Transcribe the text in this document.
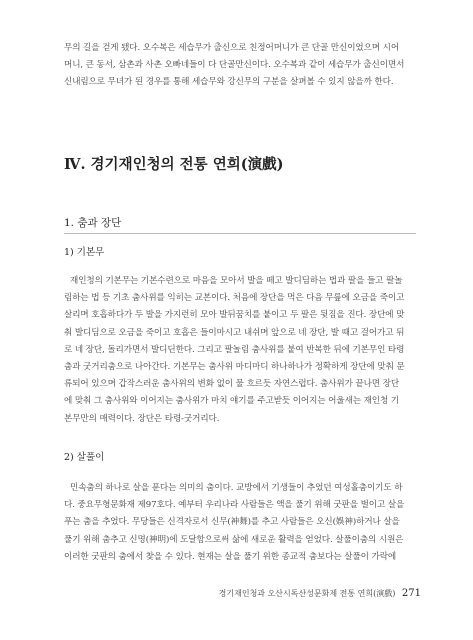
무의 길을 걷게 됐다. 오수복은 세습무가 출신으로 친정어머니가 큰 단골 만신이었으며 시어
머니, 큰 동서, 삼촌과 사촌 오빠네들이 다 단골만신이다. 오수복과 같이 세습무가 출신이면서
신내림으로 무녀가 된 경우를 통해 세습무와 강신무의 구분을 살펴볼 수 있지 않을까 한다.
Ⅳ. 경기재인청의 전통 연희(演戲)
1. 춤과 장단
1) 기본무
재인청의 기본무는 기본수련으로 마음을 모아서 발을 떼고 발디딤하는 법과 팔을 들고 팔놀
림하는 법 등 기초 춤사위를 익히는 교본이다. 처음에 장단을 먹은 다음 무릎에 오금을 죽이고
살리며 호흡하다가 두 발을 가지런히 모아 발뒤꿈치를 붙이고 두 팔은 뒷짐을 진다. 장단에 맞
춰 발디딤으로 오금을 죽이고 호흡은 들이마시고 내쉬며 앞으로 네 장단, 발 때고 걸어가고 뒤
로 네 장단, 돌리가면서 발디딘한다. 그리고 팔놀림 춤사위를 붙여 반복한 뒤에 기본무인 타령
춤과 굿거리춤으로 나아간다. 기본무는 춤사위 마디마디 하나하나가 정확하게 장단에 맞춰 문
류되어 있으며 갑작스러운 춤사위의 변화 없이 물 흐르듯 자연스럽다. 춤사위가 끝나면 장단
에 맞춰 그 춤사위와 이어지는 춤사위가 마치 얘기를 주고받듯 이어지는 어울새는 재인청 기
본무만의 매력이다. 장단은 타령-굿거리다.
2) 살풀이
민속춤의 하나로 살을 푼다는 의미의 춤이다. 교방에서 기생들이 추었던 여성홀춤이기도 하
다. 중요무형문화재 제97호다. 예부터 우리나라 사람들은 액을 풀기 위해 굿판을 벌이고 살을
푸는 춤을 추었다. 무당들은 신격자로서 신무(神舞)를 추고 사람들은 오신(娛神)하거나 살을
풀기 위해 춤추고 신명(神明)에 도달함으로써 삶에 새로운 활력을 얻었다. 살풀이춤의 시원은
이러한 굿판의 춤에서 찾을 수 있다. 현재는 살을 풀기 위한 종교적 춤보다는 살풀이 가락에
경기재인청과 오산시독산성문화제 전통 연희(演戲) 271
